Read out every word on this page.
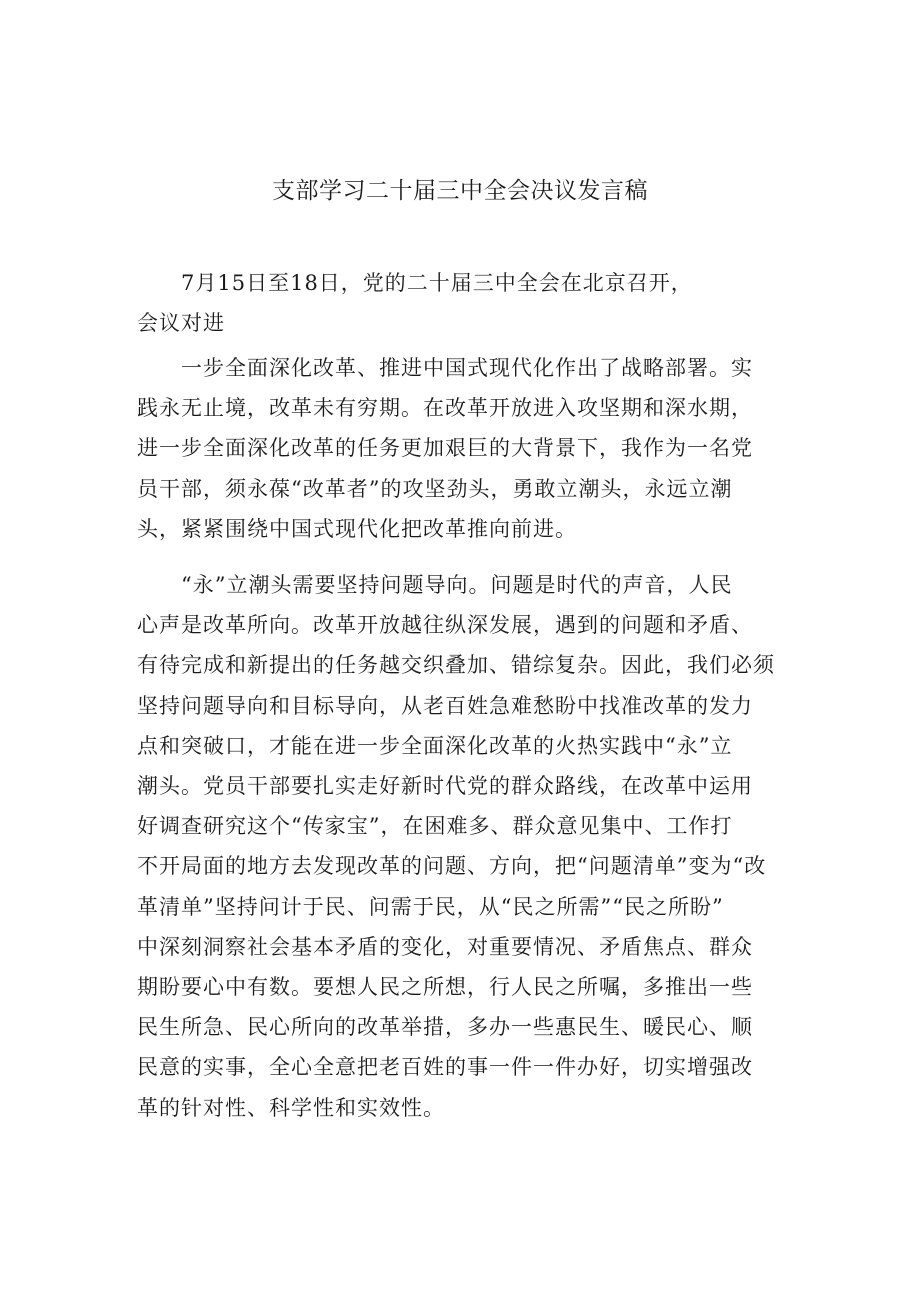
支部学习二十届三中全会决议发言稿

7月15日至18日，党的二十届三中全会在北京召开，

会议对进

一步全面深化改革、推进中国式现代化作出了战略部署。实
践永无止境，改革未有穷期。在改革开放进入攻坚期和深水期，
进一步全面深化改革的任务更加艰巨的大背景下，我作为一名党
员干部，须永葆“改革者”的攻坚劲头，勇敢立潮头，永远立潮
头，紧紧围绕中国式现代化把改革推向前进。

“永”立潮头需要坚持问题导向。问题是时代的声音，人民
心声是改革所向。改革开放越往纵深发展，遇到的问题和矛盾、
有待完成和新提出的任务越交织叠加、错综复杂。因此，我们必须
坚持问题导向和目标导向，从老百姓急难愁盼中找准改革的发力
点和突破口，才能在进一步全面深化改革的火热实践中“永”立
潮头。党员干部要扎实走好新时代党的群众路线，在改革中运用
好调查研究这个“传家宝”，在困难多、群众意见集中、工作打
不开局面的地方去发现改革的问题、方向，把“问题清单”变为“改
革清单”坚持问计于民、问需于民，从“民之所需”“民之所盼”
中深刻洞察社会基本矛盾的变化，对重要情况、矛盾焦点、群众
期盼要心中有数。要想人民之所想，行人民之所嘱，多推出一些
民生所急、民心所向的改革举措，多办一些惠民生、暖民心、顺
民意的实事，全心全意把老百姓的事一件一件办好，切实增强改
革的针对性、科学性和实效性。
